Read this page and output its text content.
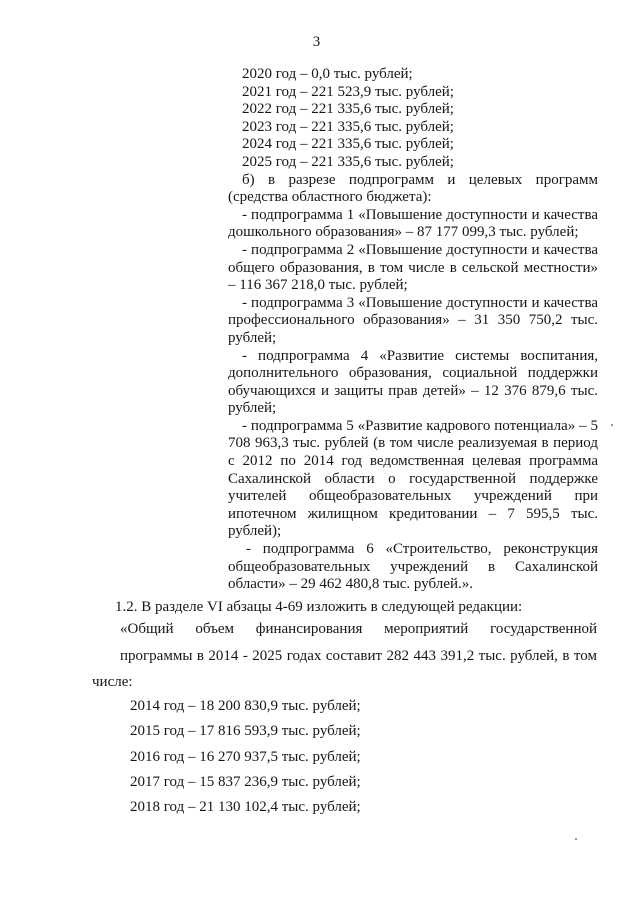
3
2020 год – 0,0 тыс. рублей;
2021 год – 221 523,9 тыс. рублей;
2022 год – 221 335,6 тыс. рублей;
2023 год – 221 335,6 тыс. рублей;
2024 год – 221 335,6 тыс. рублей;
2025 год – 221 335,6 тыс. рублей;

б) в разрезе подпрограмм и целевых программ (средства областного бюджета):

- подпрограмма 1 «Повышение доступности и качества дошкольного образования» – 87 177 099,3 тыс. рублей;

- подпрограмма 2 «Повышение доступности и качества общего образования, в том числе в сельской местности» – 116 367 218,0 тыс. рублей;

- подпрограмма 3 «Повышение доступности и качества профессионального образования» – 31 350 750,2 тыс. рублей;

- подпрограмма 4 «Развитие системы воспитания, дополнительного образования, социальной поддержки обучающихся и защиты прав детей» – 12 376 879,6 тыс. рублей;

- подпрограмма 5 «Развитие кадрового потенциала» – 5 708 963,3 тыс. рублей (в том числе реализуемая в период с 2012 по 2014 год ведомственная целевая программа Сахалинской области о государственной поддержке учителей общеобразовательных учреждений при ипотечном жилищном кредитовании – 7 595,5 тыс. рублей);

- подпрограмма 6 «Строительство, реконструкция общеобразовательных учреждений в Сахалинской области» – 29 462 480,8 тыс. рублей.».

1.2. В разделе VI абзацы 4-69 изложить в следующей редакции:

«Общий объем финансирования мероприятий государственной

программы в 2014 - 2025 годах составит 282 443 391,2 тыс. рублей, в том

числе:

2014 год – 18 200 830,9 тыс. рублей;
2015 год – 17 816 593,9 тыс. рублей;
2016 год – 16 270 937,5 тыс. рублей;
2017 год – 15 837 236,9 тыс. рублей;
2018 год – 21 130 102,4 тыс. рублей;
